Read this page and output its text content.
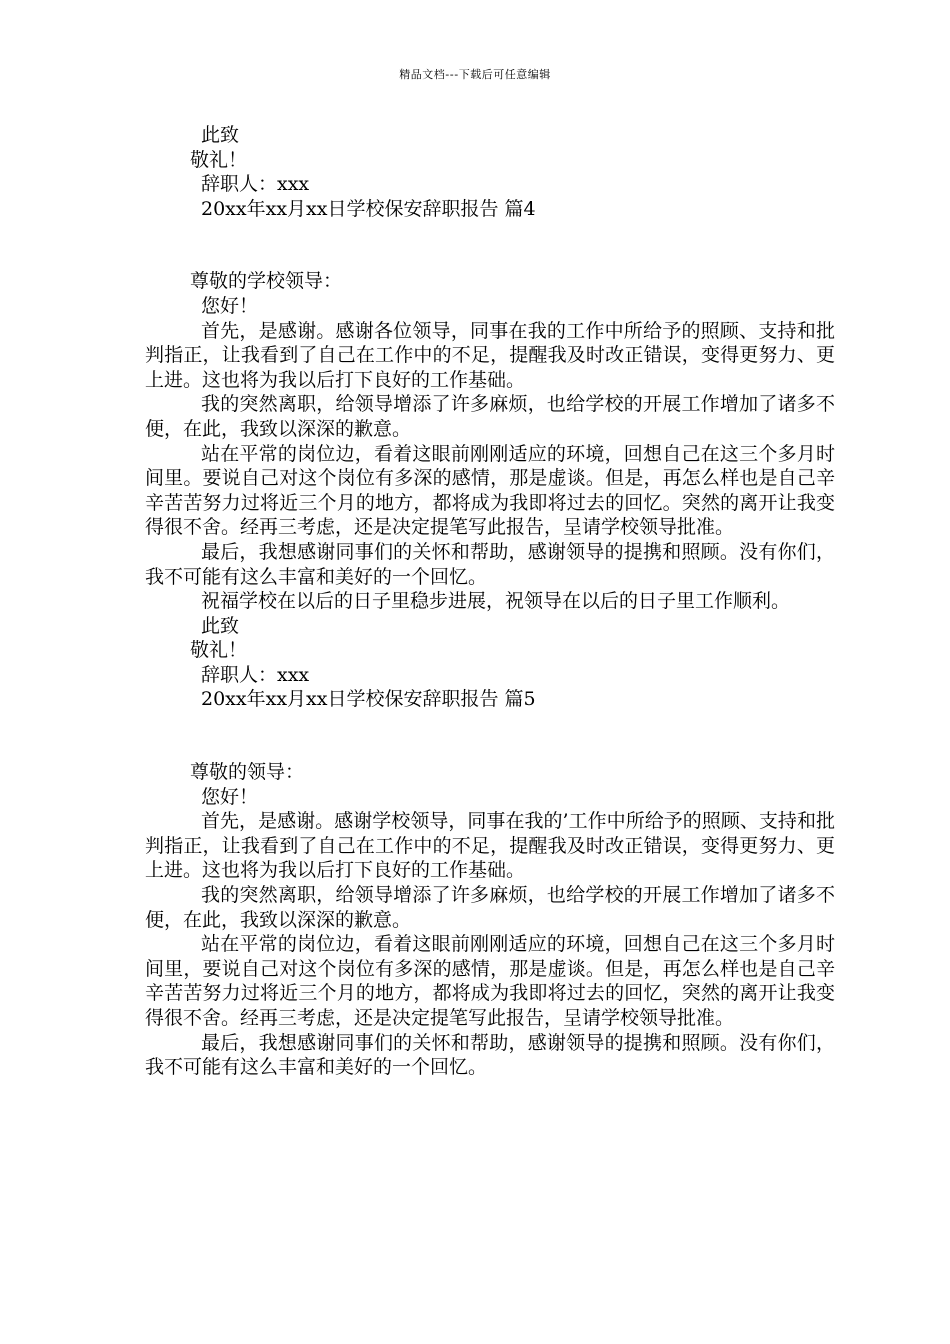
精品文档---下载后可任意编辑
此致
敬礼！
辞职人：xxx
20xx年xx月xx日学校保安辞职报告 篇4
尊敬的学校领导：
您好！
首先，是感谢。感谢各位领导，同事在我的工作中所给予的照顾、支持和批判指正，让我看到了自己在工作中的不足，提醒我及时改正错误，变得更努力、更上进。这也将为我以后打下良好的工作基础。
我的突然离职，给领导增添了许多麻烦，也给学校的开展工作增加了诸多不便，在此，我致以深深的歉意。
站在平常的岗位边，看着这眼前刚刚适应的环境，回想自己在这三个多月时间里。要说自己对这个岗位有多深的感情，那是虚谈。但是，再怎么样也是自己辛辛苦苦努力过将近三个月的地方，都将成为我即将过去的回忆。突然的离开让我变得很不舍。经再三考虑，还是决定提笔写此报告，呈请学校领导批准。
最后，我想感谢同事们的关怀和帮助，感谢领导的提携和照顾。没有你们，我不可能有这么丰富和美好的一个回忆。
祝福学校在以后的日子里稳步进展，祝领导在以后的日子里工作顺利。
此致
敬礼！
辞职人：xxx
20xx年xx月xx日学校保安辞职报告 篇5
尊敬的领导：
您好！
首先，是感谢。感谢学校领导，同事在我的’工作中所给予的照顾、支持和批判指正，让我看到了自己在工作中的不足，提醒我及时改正错误，变得更努力、更上进。这也将为我以后打下良好的工作基础。
我的突然离职，给领导增添了许多麻烦，也给学校的开展工作增加了诸多不便，在此，我致以深深的歉意。
站在平常的岗位边，看着这眼前刚刚适应的环境，回想自己在这三个多月时间里，要说自己对这个岗位有多深的感情，那是虚谈。但是，再怎么样也是自己辛辛苦苦努力过将近三个月的地方，都将成为我即将过去的回忆，突然的离开让我变得很不舍。经再三考虑，还是决定提笔写此报告，呈请学校领导批准。
最后，我想感谢同事们的关怀和帮助，感谢领导的提携和照顾。没有你们，我不可能有这么丰富和美好的一个回忆。
